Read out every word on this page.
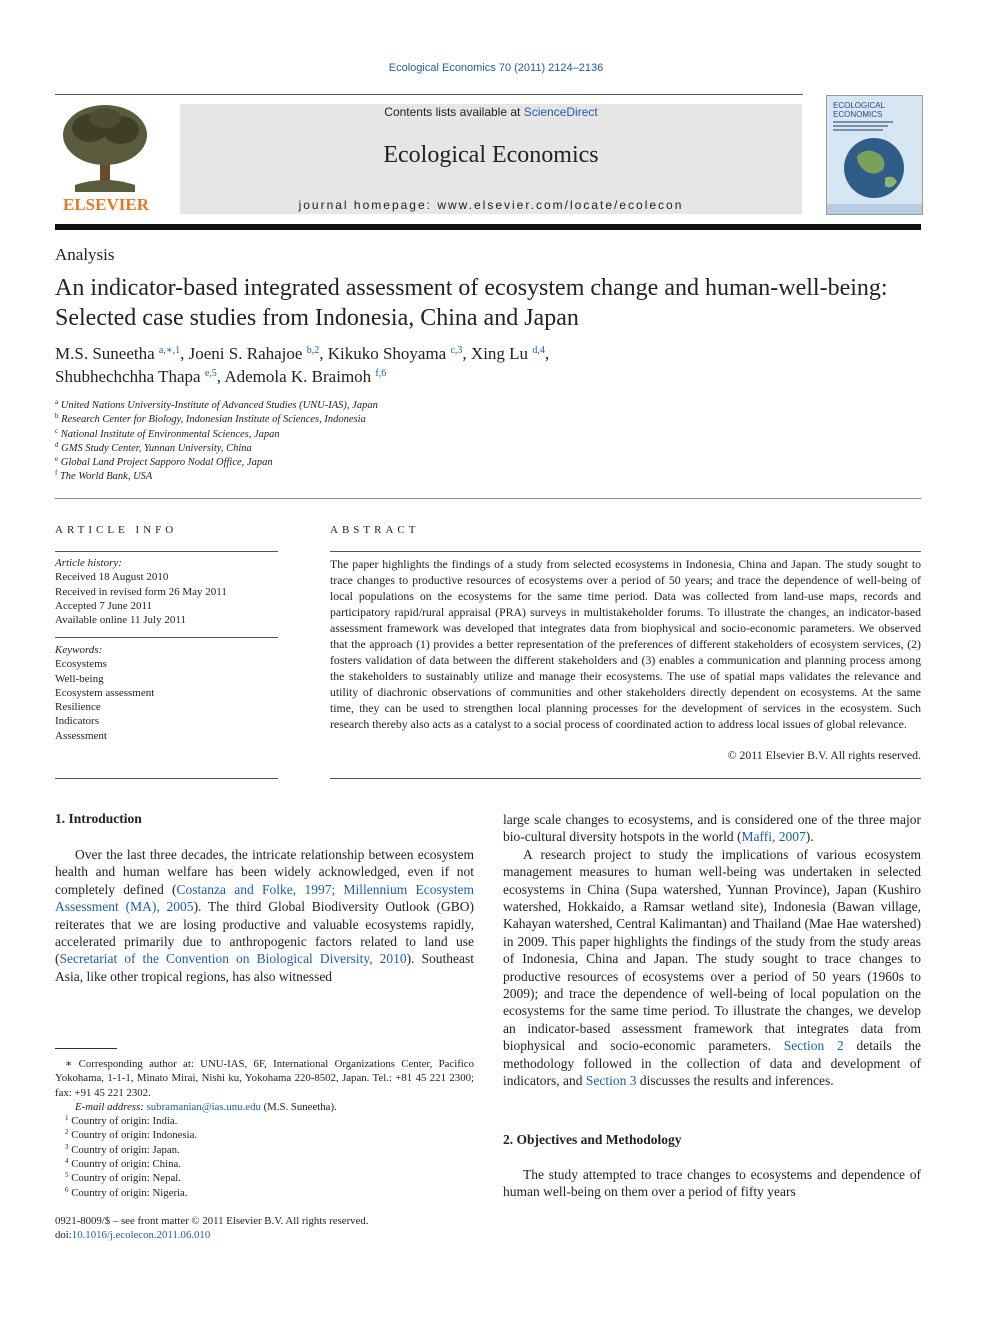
Ecological Economics 70 (2011) 2124–2136
ELSEVIER
Contents lists available at ScienceDirect
Ecological Economics
journal homepage: www.elsevier.com/locate/ecolecon
ECOLOGICAL
ECONOMICS
Analysis
An indicator-based integrated assessment of ecosystem change and human-well-being: Selected case studies from Indonesia, China and Japan
M.S. Suneetha $^{a,∗,1}$, Joeni S. Rahajoe $^{b,2}$, Kikuko Shoyama $^{c,3}$, Xing Lu $^{d,4}$,
Shubhechchha Thapa $^{e,5}$, Ademola K. Braimoh $^{f,6}$
$^a$ United Nations University-Institute of Advanced Studies (UNU-IAS), Japan
$^b$ Research Center for Biology, Indonesian Institute of Sciences, Indonesia
$^c$ National Institute of Environmental Sciences, Japan
$^d$ GMS Study Center, Yunnan University, China
$^e$ Global Land Project Sapporo Nodal Office, Japan
$^f$ The World Bank, USA
ARTICLE INFO
Article history:
Received 18 August 2010
Received in revised form 26 May 2011
Accepted 7 June 2011
Available online 11 July 2011
Keywords:
Ecosystems
Well-being
Ecosystem assessment
Resilience
Indicators
Assessment
ABSTRACT
The paper highlights the findings of a study from selected ecosystems in Indonesia, China and Japan. The study sought to trace changes to productive resources of ecosystems over a period of 50 years; and trace the dependence of well-being of local populations on the ecosystems for the same time period. Data was collected from land-use maps, records and participatory rapid/rural appraisal (PRA) surveys in multistakeholder forums. To illustrate the changes, an indicator-based assessment framework was developed that integrates data from biophysical and socio-economic parameters. We observed that the approach (1) provides a better representation of the preferences of different stakeholders of ecosystem services, (2) fosters validation of data between the different stakeholders and (3) enables a communication and planning process among the stakeholders to sustainably utilize and manage their ecosystems. The use of spatial maps validates the relevance and utility of diachronic observations of communities and other stakeholders directly dependent on ecosystems. At the same time, they can be used to strengthen local planning processes for the development of services in the ecosystem. Such research thereby also acts as a catalyst to a social process of coordinated action to address local issues of global relevance.
© 2011 Elsevier B.V. All rights reserved.
1. Introduction

Over the last three decades, the intricate relationship between ecosystem health and human welfare has been widely acknowledged, even if not completely defined (Costanza and Folke, 1997; Millennium Ecosystem Assessment (MA), 2005). The third Global Biodiversity Outlook (GBO) reiterates that we are losing productive and valuable ecosystems rapidly, accelerated primarily due to anthropogenic factors related to land use (Secretariat of the Convention on Biological Diversity, 2010). Southeast Asia, like other tropical regions, has also witnessed

∗ Corresponding author at: UNU-IAS, 6F, International Organizations Center, Pacifico Yokohama, 1-1-1, Minato Mirai, Nishi ku, Yokohama 220-8502, Japan. Tel.: +81 45 221 2300; fax: +91 45 221 2302.
E-mail address: subramanian@ias.unu.edu (M.S. Suneetha).
$^1$ Country of origin: India.
$^2$ Country of origin: Indonesia.
$^3$ Country of origin: Japan.
$^4$ Country of origin: China.
$^5$ Country of origin: Nepal.
$^6$ Country of origin: Nigeria.
0921-8009/$ – see front matter © 2011 Elsevier B.V. All rights reserved.
doi:10.1016/j.ecolecon.2011.06.010

large scale changes to ecosystems, and is considered one of the three major bio-cultural diversity hotspots in the world (Maffi, 2007).

A research project to study the implications of various ecosystem management measures to human well-being was undertaken in selected ecosystems in China (Supa watershed, Yunnan Province), Japan (Kushiro watershed, Hokkaido, a Ramsar wetland site), Indonesia (Bawan village, Kahayan watershed, Central Kalimantan) and Thailand (Mae Hae watershed) in 2009. This paper highlights the findings of the study from the study areas of Indonesia, China and Japan. The study sought to trace changes to productive resources of ecosystems over a period of 50 years (1960s to 2009); and trace the dependence of well-being of local population on the ecosystems for the same time period. To illustrate the changes, we develop an indicator-based assessment framework that integrates data from biophysical and socio-economic parameters. Section 2 details the methodology followed in the collection of data and development of indicators, and Section 3 discusses the results and inferences.

2. Objectives and Methodology

The study attempted to trace changes to ecosystems and dependence of human well-being on them over a period of fifty years
